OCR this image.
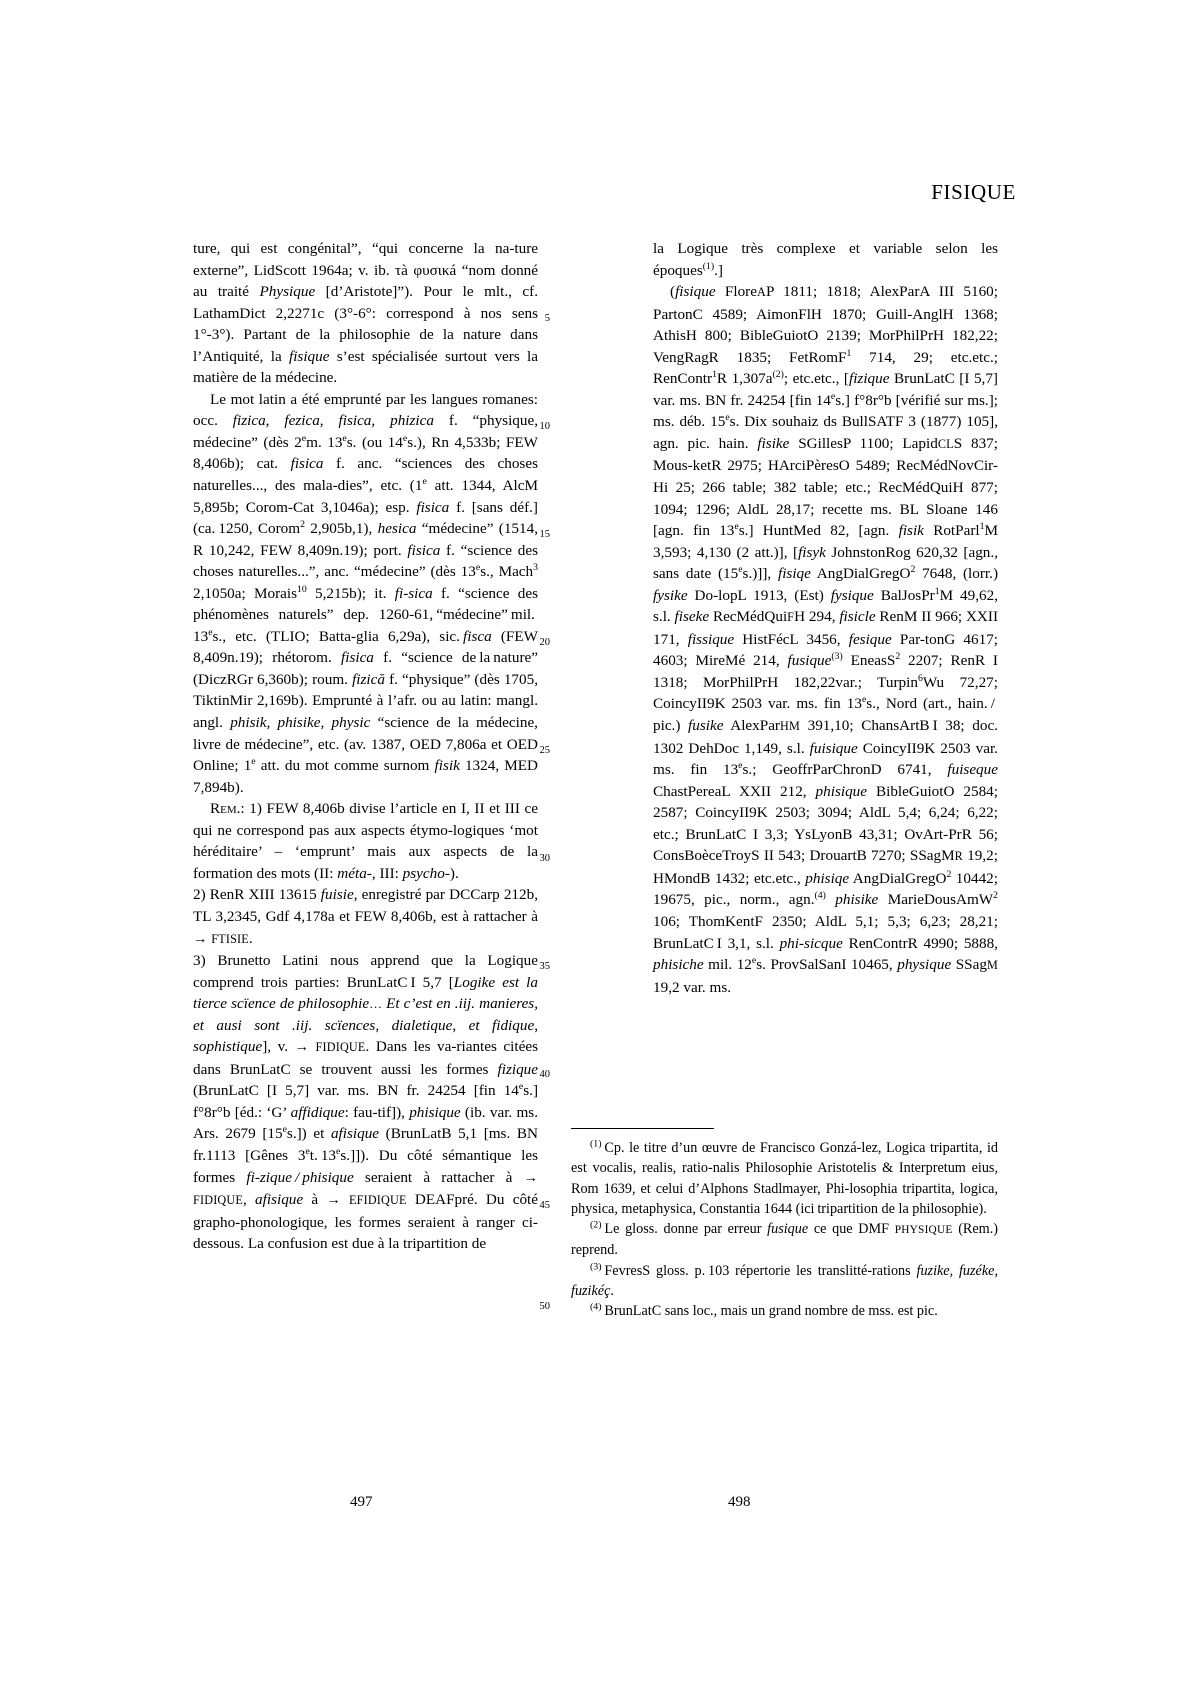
FISIQUE
5
10
15
20
25
30
35
40
45
50

ture, qui est congénital”, “qui concerne la na-ture externe”, LidScott 1964a; v. ib. τà φυσικá “nom donné au traité Physique [d’Aristote]”). Pour le mlt., cf. LathamDict 2,2271c (3°-6°: correspond à nos sens 1°-3°). Partant de la philosophie de la nature dans l’Antiquité, la fisique s’est spécialisée surtout vers la matière de la médecine.

Le mot latin a été emprunté par les langues romanes: occ. fizica, fezica, fisica, phizica f. “physique, médecine” (dès 2em. 13es. (ou 14es.), Rn 4,533b; FEW 8,406b); cat. fisica f. anc. “sciences des choses naturelles..., des mala-dies”, etc. (1e att. 1344, AlcM 5,895b; Corom-Cat 3,1046a); esp. fisica f. [sans déf.] (ca. 1250, Corom$^2$ 2,905b,1), hesica “médecine” (1514, R 10,242, FEW 8,409n.19); port. fisica f. “science des choses naturelles...”, anc. “médecine” (dès 13es., Mach$^3$ 2,1050a; Morais$^{10}$ 5,215b); it. fi-sica f. “science des phénomènes naturels” dep. 1260-61, “médecine” mil. 13es., etc. (TLIO; Batta-glia 6,29a), sic. fisca (FEW 8,409n.19); rhétorom. fisica f. “science de la nature” (DiczRGr 6,360b); roum. fizică f. “physique” (dès 1705, TiktinMir 2,169b). Emprunté à l’afr. ou au latin: mangl. angl. phisik, phisike, physic “science de la médecine, livre de médecine”, etc. (av. 1387, OED 7,806a et OED Online; 1e att. du mot comme surnom fisik 1324, MED 7,894b).

Rem.: 1) FEW 8,406b divise l’article en I, II et III ce qui ne correspond pas aux aspects étymo-logiques ‘mot héréditaire’ – ‘emprunt’ mais aux aspects de la formation des mots (II: méta-, III: psycho-).

2) RenR XIII 13615 fuisie, enregistré par DCCarp 212b, TL 3,2345, Gdf 4,178a et FEW 8,406b, est à rattacher à → FTISIE.

3) Brunetto Latini nous apprend que la Logique comprend trois parties: BrunLatC I 5,7 [Logike est la tierce scïence de philosophie… Et c’est en .iij. manieres, et ausi sont .iij. scïences, dialetique, et fidique, sophistique], v. → FIDIQUE. Dans les va-riantes citées dans BrunLatC se trouvent aussi les formes fizique (BrunLatC [I 5,7] var. ms. BN fr. 24254 [fin 14es.] f°8r°b [éd.: ‘G’ affidique: fau-tif]), phisique (ib. var. ms. Ars. 2679 [15es.]) et afisique (BrunLatB 5,1 [ms. BN fr.1113 [Gênes 3et. 13es.]]). Du côté sémantique les formes fi-zique / phisique seraient à rattacher à → FIDIQUE, afisique à → EFIDIQUE DEAFpré. Du côté grapho-phonologique, les formes seraient à ranger ci-dessous. La confusion est due à la tripartition de

la Logique très complexe et variable selon les époques$^{(1)}$.]

(fisique FloreAP 1811; 1818; AlexParA III 5160; PartonC 4589; AimonFlH 1870; Guill-AnglH 1368; AthisH 800; BibleGuiotO 2139; MorPhilPrH 182,22; VengRagR 1835; FetRomF$^1$ 714, 29; etc.etc.; RenContr$^1$R $1,307a^{(2)}$; etc.etc., [fizique BrunLatC [I 5,7] var. ms. BN fr. 24254 [fin 14es.] f°8r°b [vérifié sur ms.]; ms. déb. 15es. Dix souhaiz ds BullSATF 3 (1877) 105], agn. pic. hain. fisike SGillesP 1100; LapidCLS 837; Mous-ketR 2975; HArciPèresO 5489; RecMédNovCir-Hi 25; 266 table; 382 table; etc.; RecMédQuiH 877; 1094; 1296; AldL 28,17; recette ms. BL Sloane 146 [agn. fin 13es.] HuntMed 82, [agn. fisik RotParl$^1$M 3,593; 4,130 (2 att.)], [fisyk JohnstonRog 620,32 [agn., sans date (15es.)]], fisiqe AngDialGregO$^2$ 7648, (lorr.) fysike Do-lopL 1913, (Est) fysique BalJosPr$^1$M 49,62, s.l. fiseke RecMédQuiFH 294, fisicle RenM II 966; XXII 171, fissique HistFécL 3456, fesique Par-tonG 4617; 4603; MireMé 214, fusique$^{(3)}$ EneasS$^2$ 2207; RenR I 1318; MorPhilPrH 182,22var.; Turpin$^6$Wu 72,27; CoincyII9K 2503 var. ms. fin 13es., Nord (art., hain. / pic.) fusike AlexParHM 391,10; ChansArtB I 38; doc. 1302 DehDoc 1,149, s.l. fuisique CoincyII9K 2503 var. ms. fin 13es.; GeoffrParChronD 6741, fuiseque ChastPereaL XXII 212, phisique BibleGuiotO 2584; 2587; CoincyII9K 2503; 3094; AldL 5,4; 6,24; 6,22; etc.; BrunLatC I 3,3; YsLyonB 43,31; OvArt-PrR 56; ConsBoèceTroyS II 543; DrouartB 7270; SSagMR 19,2; HMondB 1432; etc.etc., phisiqe AngDialGregO$^2$ 10442; 19675, pic., norm., agn.$^{(4)}$ phisike MarieDousAmW$^2$ 106; ThomKentF 2350; AldL 5,1; 5,3; 6,23; 28,21; BrunLatC I 3,1, s.l. phi-sicque RenContrR 4990; 5888, phisiche mil. 12es. ProvSalSanI 10465, physique SSagM 19,2 var. ms.

$^{(1)}$ Cp. le titre d’un œuvre de Francisco Gonzá-lez, Logica tripartita, id est vocalis, realis, ratio-nalis Philosophie Aristotelis & Interpretum eius, Rom 1639, et celui d’Alphons Stadlmayer, Phi-losophia tripartita, logica, physica, metaphysica, Constantia 1644 (ici tripartition de la philosophie).

$^{(2)}$ Le gloss. donne par erreur fusique ce que DMF PHYSIQUE (Rem.) reprend.

$^{(3)}$ FevresS gloss. p. 103 répertorie les translitté-rations fuzike, fuzéke, fuzikéç.

$^{(4)}$ BrunLatC sans loc., mais un grand nombre de mss. est pic.

497	498
